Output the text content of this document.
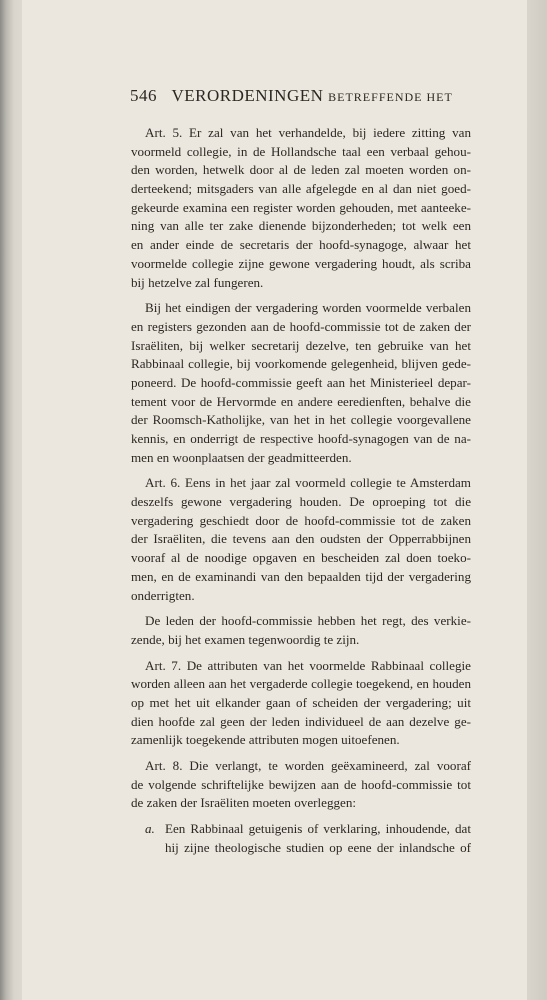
546 VERORDENINGEN BETREFFENDE HET
Art. 5. Er zal van het verhandelde, bij iedere zitting van
voormeld collegie, in de Hollandsche taal een verbaal gehou-
den worden, hetwelk door al de leden zal moeten worden on-
derteekend; mitsgaders van alle afgelegde en al dan niet goed-
gekeurde examina een register worden gehouden, met aanteeke-
ning van alle ter zake dienende bijzonderheden; tot welk een
en ander einde de secretaris der hoofd-synagoge, alwaar het
voormelde collegie zijne gewone vergadering houdt, als scriba
bij hetzelve zal fungeren.
Bij het eindigen der vergadering worden voormelde verbalen
en registers gezonden aan de hoofd-commissie tot de zaken der
Israëliten, bij welker secretarij dezelve, ten gebruike van het
Rabbinaal collegie, bij voorkomende gelegenheid, blijven gede-
poneerd. De hoofd-commissie geeft aan het Ministerieel depar-
tement voor de Hervormde en andere eeredienften, behalve die
der Roomsch-Katholijke, van het in het collegie voorgevallene
kennis, en onderrigt de respective hoofd-synagogen van de na-
men en woonplaatsen der geadmitteerden.
Art. 6. Eens in het jaar zal voormeld collegie te Amsterdam
deszelfs gewone vergadering houden. De oproeping tot die
vergadering geschiedt door de hoofd-commissie tot de zaken
der Israëliten, die tevens aan den oudsten der Opperrabbijnen
vooraf al de noodige opgaven en bescheiden zal doen toeko-
men, en de examinandi van den bepaalden tijd der vergadering
onderrigten.
De leden der hoofd-commissie hebben het regt, des verkie-
zende, bij het examen tegenwoordig te zijn.
Art. 7. De attributen van het voormelde Rabbinaal collegie
worden alleen aan het vergaderde collegie toegekend, en houden
op met het uit elkander gaan of scheiden der vergadering; uit
dien hoofde zal geen der leden individueel de aan dezelve ge-
zamenlijk toegekende attributen mogen uitoefenen.
Art. 8. Die verlangt, te worden geëxamineerd, zal vooraf
de volgende schriftelijke bewijzen aan de hoofd-commissie tot
de zaken der Israëliten moeten overleggen:
a. Een Rabbinaal getuigenis of verklaring, inhoudende, dat
hij zijne theologische studien op eene der inlandsche of
